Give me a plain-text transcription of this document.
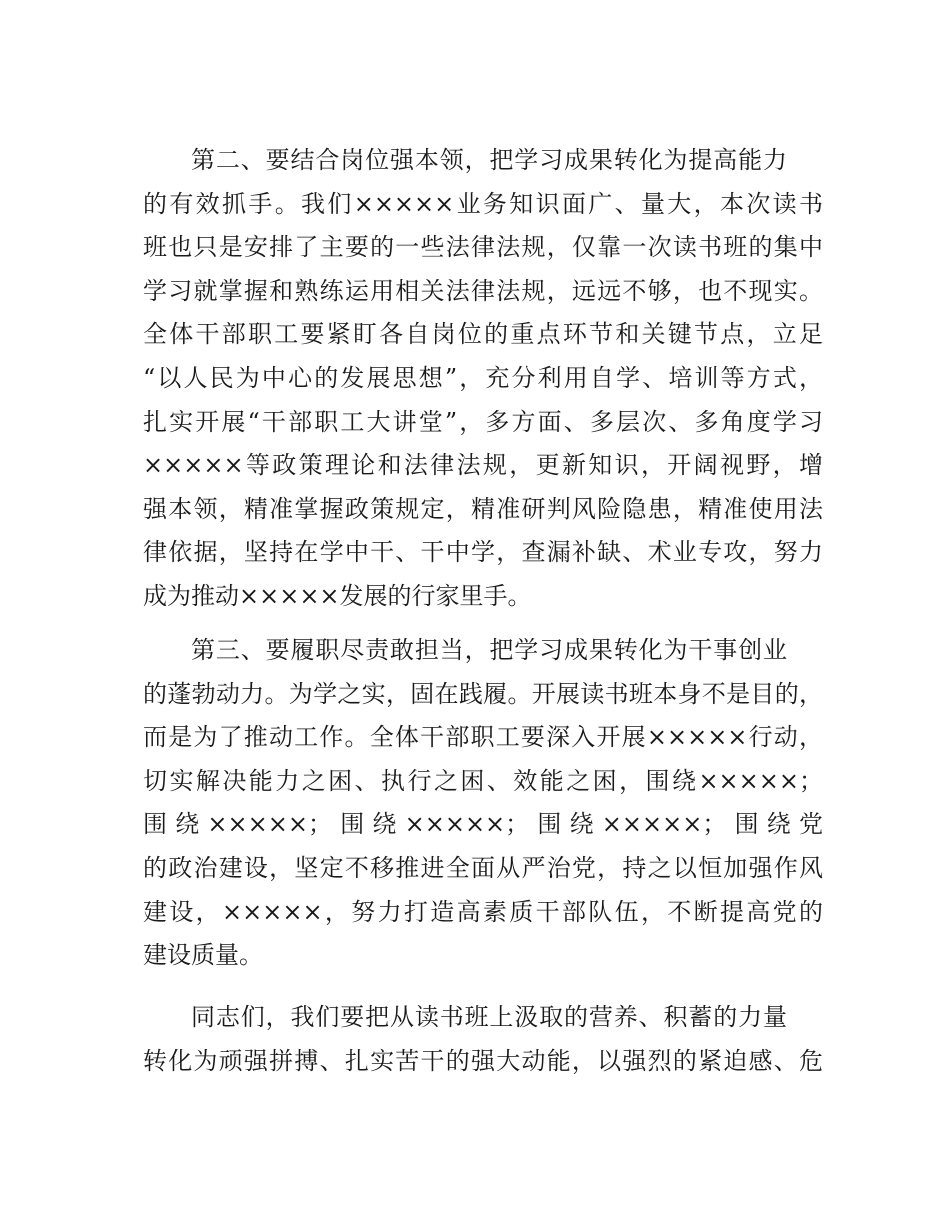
第二、要结合岗位强本领，把学习成果转化为提高能力
的有效抓手。我们×××××业务知识面广、量大，本次读书
班也只是安排了主要的一些法律法规，仅靠一次读书班的集中
学习就掌握和熟练运用相关法律法规，远远不够，也不现实。
全体干部职工要紧盯各自岗位的重点环节和关键节点，立足
“以人民为中心的发展思想”，充分利用自学、培训等方式，
扎实开展“干部职工大讲堂”，多方面、多层次、多角度学习
×××××等政策理论和法律法规，更新知识，开阔视野，增
强本领，精准掌握政策规定，精准研判风险隐患，精准使用法
律依据，坚持在学中干、干中学，查漏补缺、术业专攻，努力
成为推动×××××发展的行家里手。
第三、要履职尽责敢担当，把学习成果转化为干事创业
的蓬勃动力。为学之实，固在践履。开展读书班本身不是目的，
而是为了推动工作。全体干部职工要深入开展×××××行动，
切实解决能力之困、执行之困、效能之困，围绕×××××；
围绕×××××；围绕×××××；围绕×××××；围绕党
的政治建设，坚定不移推进全面从严治党，持之以恒加强作风
建设，×××××，努力打造高素质干部队伍，不断提高党的
建设质量。
同志们，我们要把从读书班上汲取的营养、积蓄的力量
转化为顽强拼搏、扎实苦干的强大动能，以强烈的紧迫感、危
